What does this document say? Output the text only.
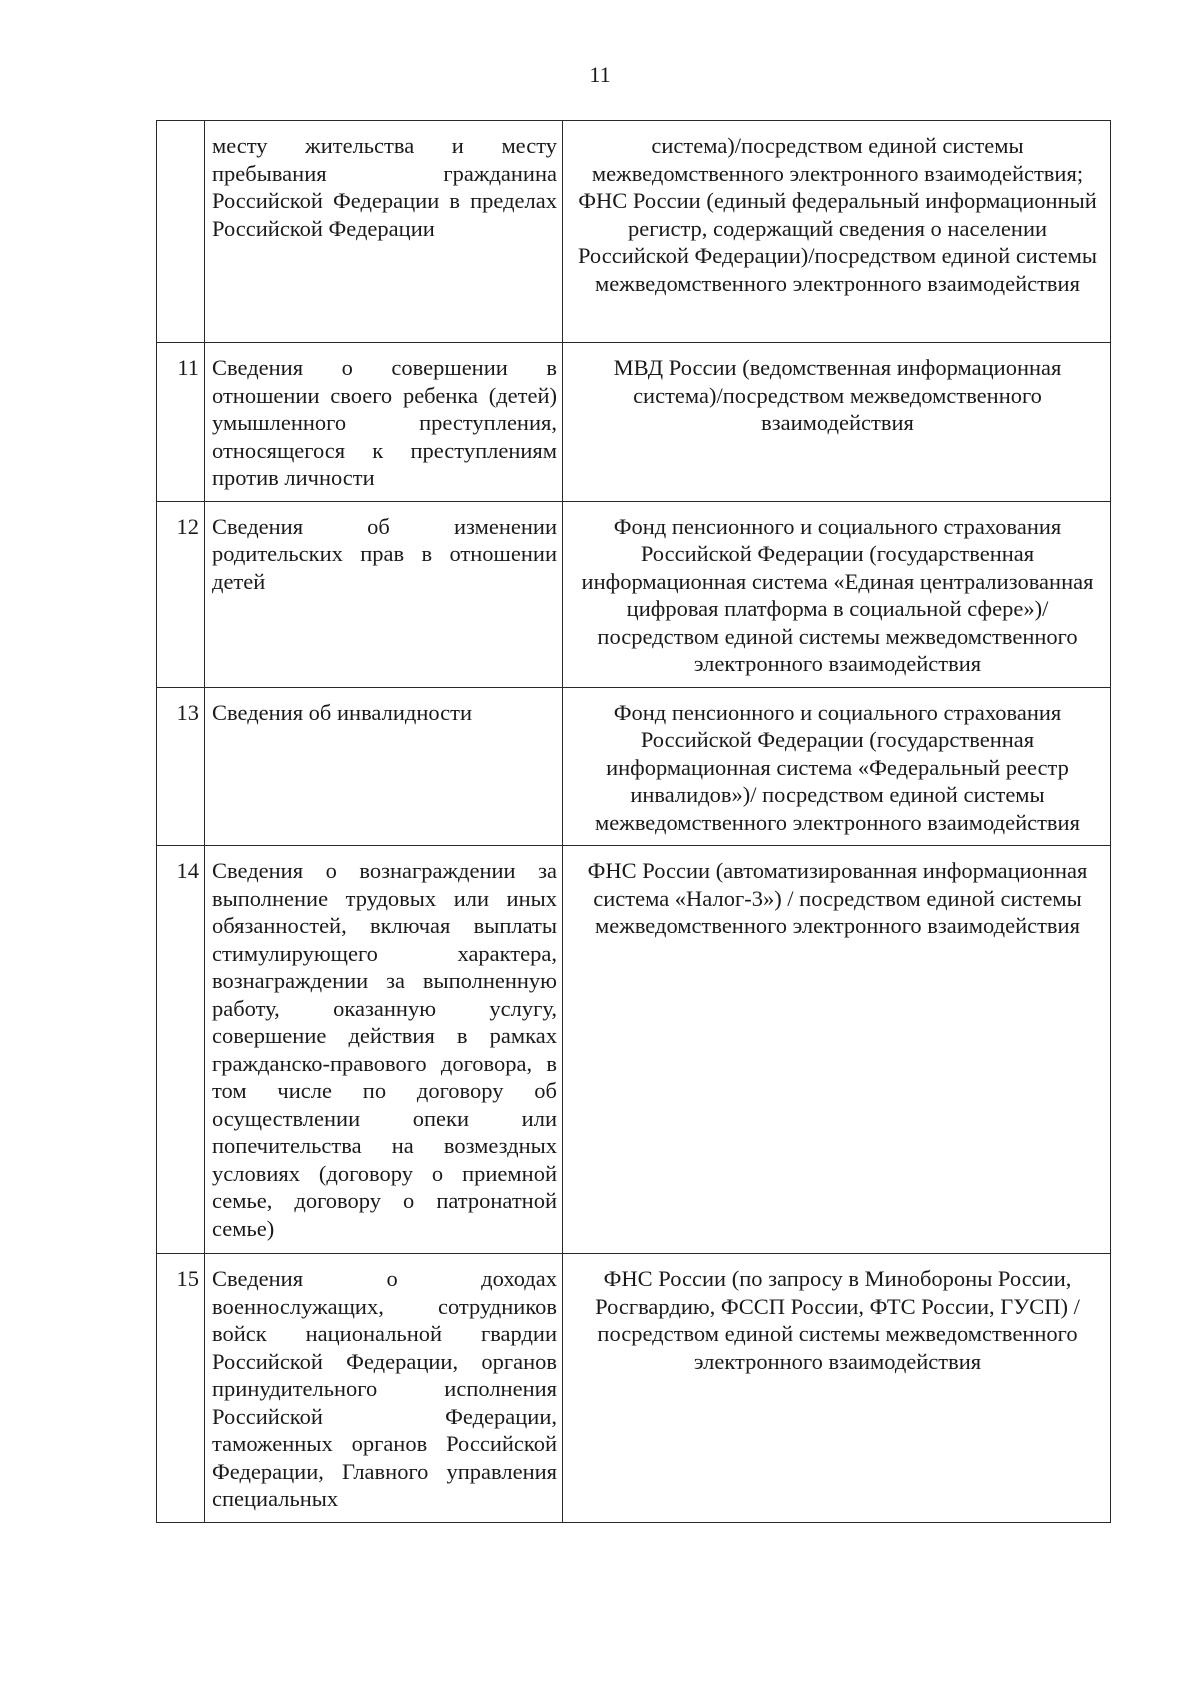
11
	месту жительства и месту пребывания гражданина Российской Федерации в пределах Российской Федерации	система)/посредством единой системы межведомственного электронного взаимодействия; ФНС России (единый федеральный информационный регистр, содержащий сведения о населении Российской Федерации)/посредством единой системы межведомственного электронного взаимодействия
11	Сведения о совершении в отношении своего ребенка (детей) умышленного преступления, относящегося к преступлениям против личности	МВД России (ведомственная информационная система)/посредством межведомственного взаимодействия
12	Сведения об изменении родительских прав в отношении детей	Фонд пенсионного и социального страхования Российской Федерации (государственная информационная система «Единая централизованная цифровая платформа в социальной сфере»)/посредством единой системы межведомственного электронного взаимодействия
13	Сведения об инвалидности	Фонд пенсионного и социального страхования Российской Федерации (государственная информационная система «Федеральный реестр инвалидов»)/ посредством единой системы межведомственного электронного взаимодействия
14	Сведения о вознаграждении за выполнение трудовых или иных обязанностей, включая выплаты стимулирующего характера, вознаграждении за выполненную работу, оказанную услугу, совершение действия в рамках гражданско-правового договора, в том числе по договору об осуществлении опеки или попечительства на возмездных условиях (договору о приемной семье, договору о патронатной семье)	ФНС России (автоматизированная информационная система «Налог-3») / посредством единой системы межведомственного электронного взаимодействия
15	Сведения о доходах военнослужащих, сотрудников войск национальной гвардии Российской Федерации, органов принудительного исполнения Российской Федерации, таможенных органов Российской Федерации, Главного управления специальных	ФНС России (по запросу в Минобороны России, Росгвардию, ФССП России, ФТС России, ГУСП) / посредством единой системы межведомственного электронного взаимодействия
